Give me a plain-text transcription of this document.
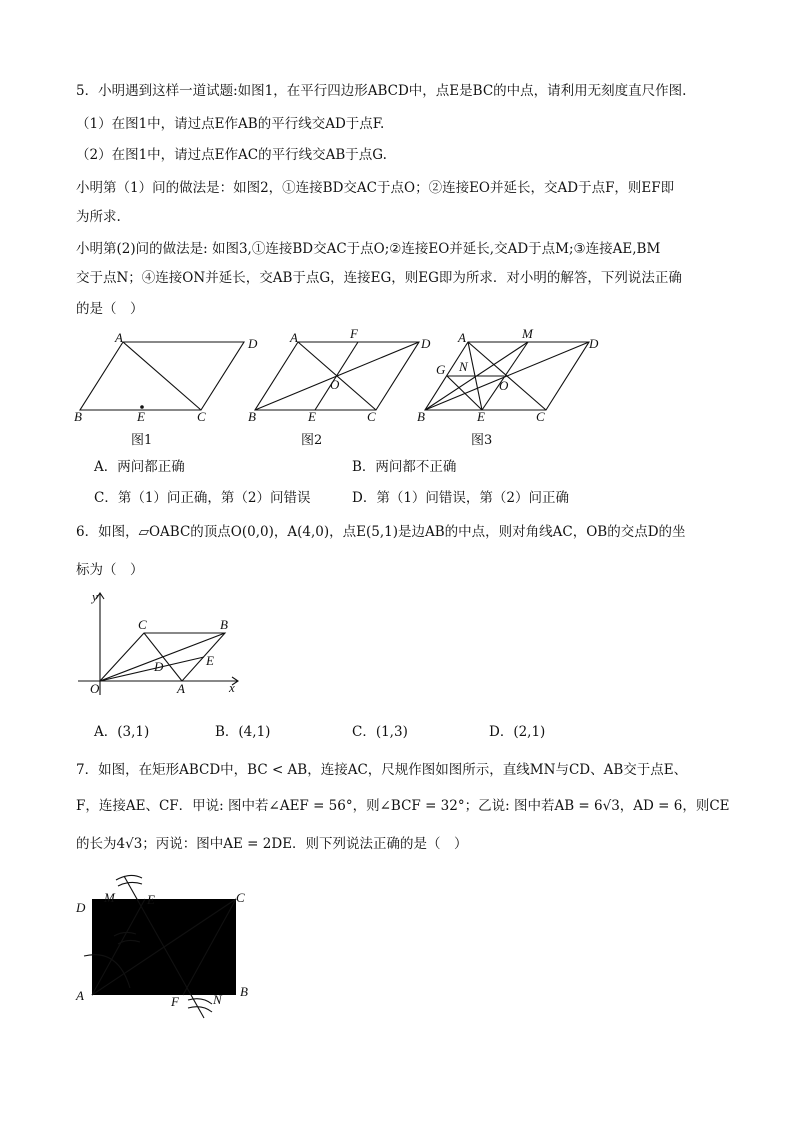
5．小明遇到这样一道试题:如图1，在平行四边形ABCD中，点E是BC的中点，请利用无刻度直尺作图.
（1）在图1中，请过点E作AB的平行线交AD于点F.
（2）在图1中，请过点E作AC的平行线交AB于点G.
小明第（1）问的做法是：如图2，①连接BD交AC于点O；②连接EO并延长，交AD于点F，则EF即
为所求.
小明第(2)问的做法是: 如图3,①连接BD交AC于点O;②连接EO并延长,交AD于点M;③连接AE,BM
交于点N；④连接ON并延长，交AB于点G，连接EG，则EG即为所求．对小明的解答，下列说法正确
的是（　）
A	D
B	E	C
图1
A	F
D
O
B	E	C
图2
A	M
D
G N
O
B	E	C
图3
A．两问都正确	B．两问都不正确
C．第（1）问正确，第（2）问错误	D．第（1）问错误，第（2）问正确
6．如图，▱OABC的顶点O(0,0)，A(4,0)，点E(5,1)是边AB的中点，则对角线AC，OB的交点D的坐
标为（　）
y
x
O	A
B
C
D	E
A．(3,1)	B．(4,1)	C．(1,3)	D．(2,1)
7．如图，在矩形ABCD中，BC < AB，连接AC，尺规作图如图所示，直线MN与CD、AB交于点E、
F，连接AE、CF．甲说: 图中若∠AEF = 56°，则∠BCF = 32°；乙说: 图中若AB = 6√3，AD = 6，则CE
的长为4√3；丙说：图中AE = 2DE．则下列说法正确的是（　）
M E	C
D
A	B
F	N
